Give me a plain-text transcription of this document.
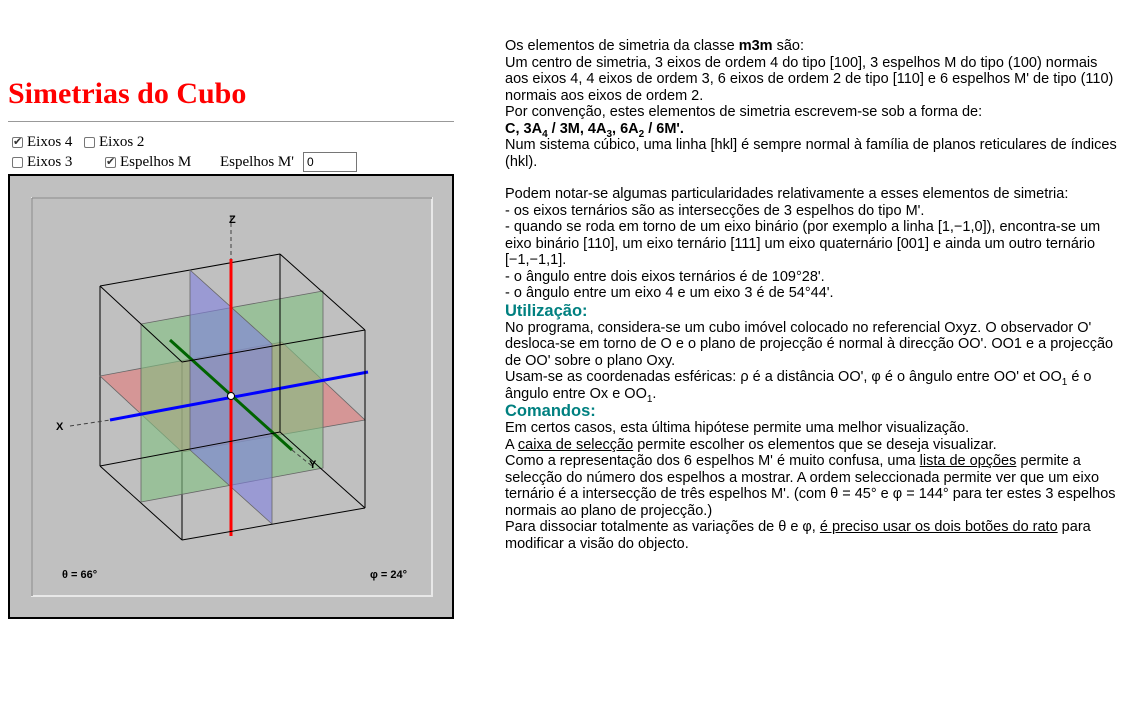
Simetrias do Cubo
✔
Eixos 4 Eixos 2
Eixos 3
✔	Espelhos M Espelhos M'
0
Z
X
Y
θ = 66°	φ = 24°

Os elementos de simetria da classe m3m são:

Um centro de simetria, 3 eixos de ordem 4 do tipo [100], 3 espelhos M do tipo (100) normais aos eixos 4, 4 eixos de ordem 3, 6 eixos de ordem 2 de tipo [110] e 6 espelhos M' de tipo (110) normais aos eixos de ordem 2.

Por convenção, estes elementos de simetria escrevem-se sob a forma de:

C, $3A_4 / 3M$, $4A_3$, $6A_2 / 6M'$.

Num sistema cúbico, uma linha [hkl] é sempre normal à família de planos reticulares de índices (hkl).

Podem notar-se algumas particularidades relativamente a esses elementos de simetria:

- os eixos ternários são as intersecções de 3 espelhos do tipo M'.

- quando se roda em torno de um eixo binário (por exemplo a linha [1,−1,0]), encontra-se um eixo binário [110], um eixo ternário [111] um eixo quaternário [001] e ainda um outro ternário [−1,−1,1].

- o ângulo entre dois eixos ternários é de 109°28'.

- o ângulo entre um eixo 4 e um eixo 3 é de 54°44'.

Utilização:

No programa, considera-se um cubo imóvel colocado no referencial Oxyz. O observador O' desloca-se em torno de O e o plano de projecção é normal à direcção OO'. OO1 e a projecção de OO' sobre o plano Oxy.

Usam-se as coordenadas esféricas: ρ é a distância OO', φ é o ângulo entre OO' et $OO_1$ é o ângulo entre Ox e $OO_1$.

Comandos:

Em certos casos, esta última hipótese permite uma melhor visualização.

A caixa de selecção permite escolher os elementos que se deseja visualizar.

Como a representação dos 6 espelhos M' é muito confusa, uma lista de opções permite a selecção do número dos espelhos a mostrar. A ordem seleccionada permite ver que um eixo ternário é a intersecção de três espelhos M'. (com θ = 45° e φ = 144° para ter estes 3 espelhos normais ao plano de projecção.)

Para dissociar totalmente as variações de θ e φ, é preciso usar os dois botões do rato para modificar a visão do objecto.
